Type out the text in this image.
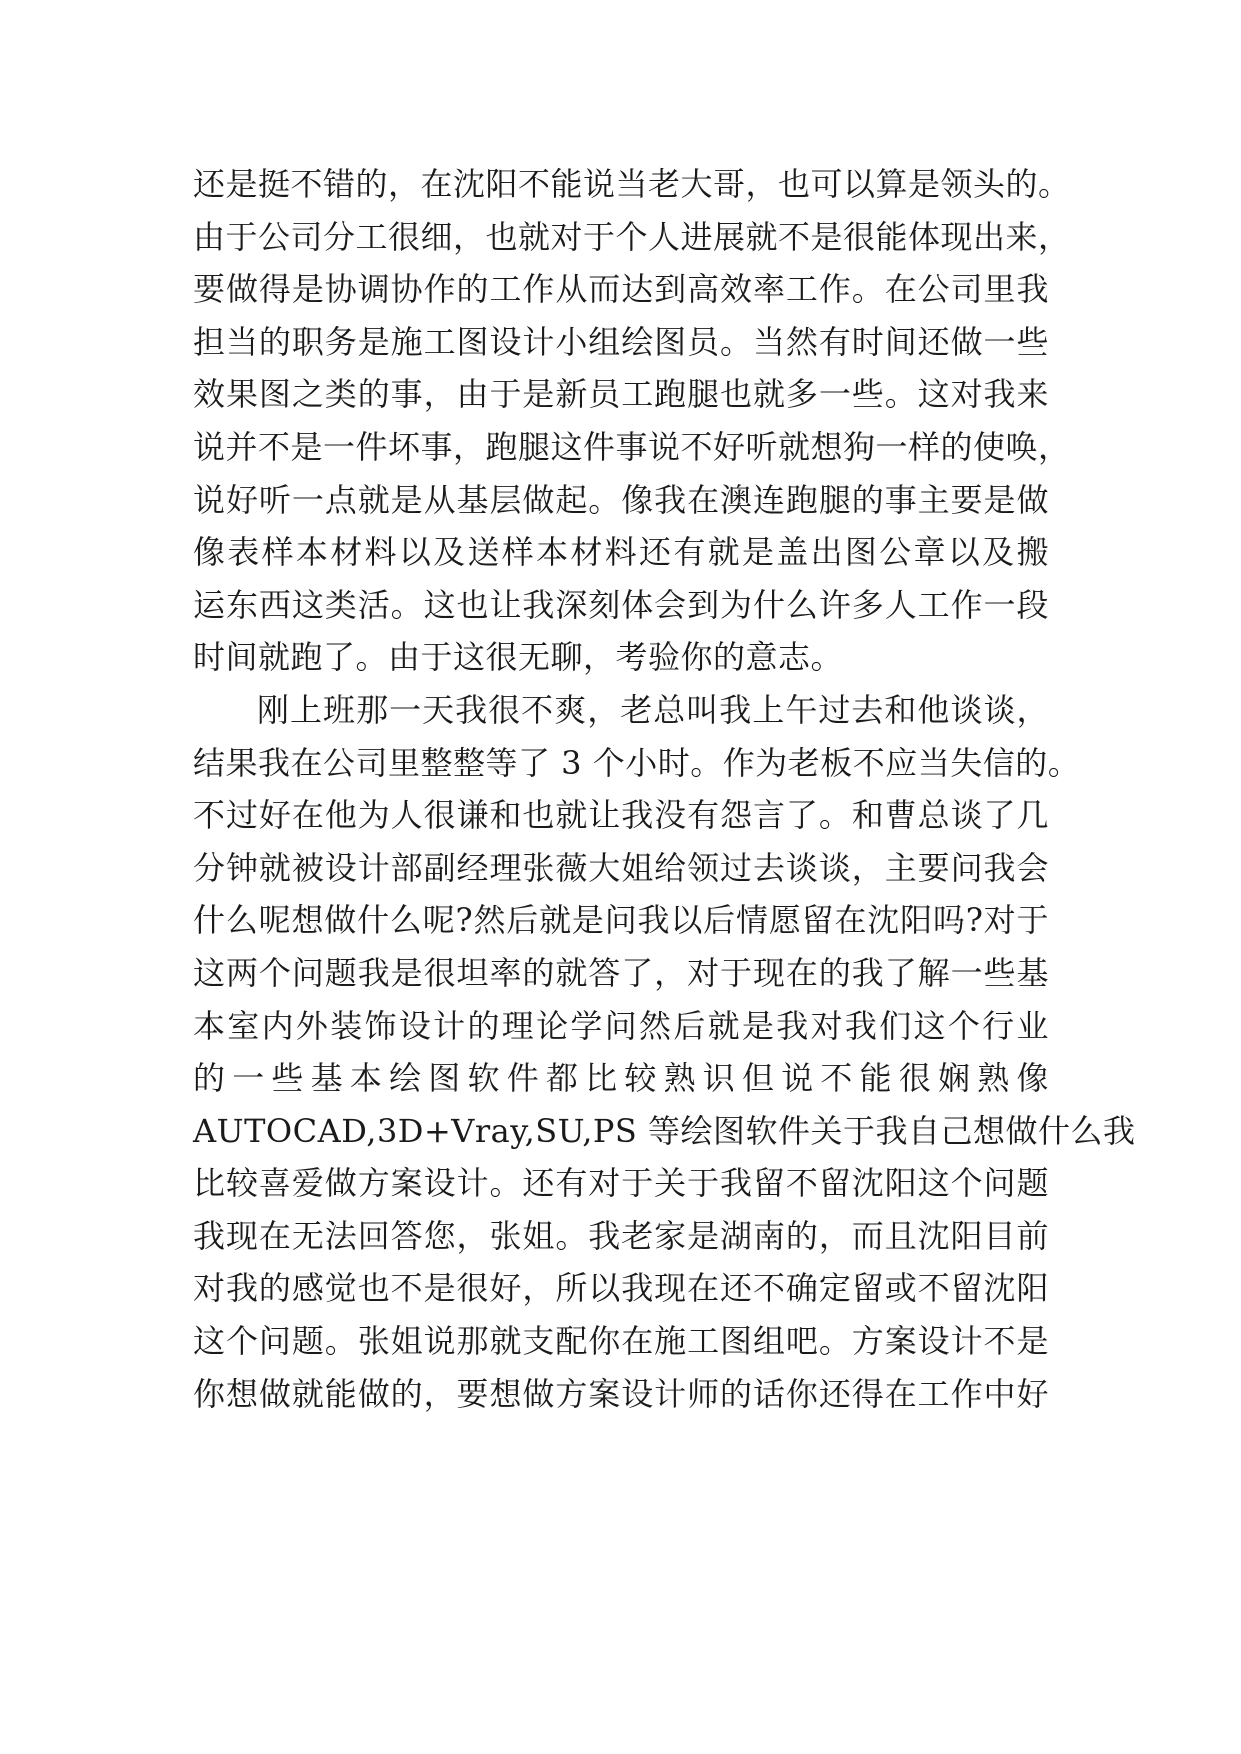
还是挺不错的，在沈阳不能说当老大哥，也可以算是领头的。
由于公司分工很细，也就对于个人进展就不是很能体现出来，
要做得是协调协作的工作从而达到高效率工作。在公司里我
担当的职务是施工图设计小组绘图员。当然有时间还做一些
效果图之类的事，由于是新员工跑腿也就多一些。这对我来
说并不是一件坏事，跑腿这件事说不好听就想狗一样的使唤，
说好听一点就是从基层做起。像我在澳连跑腿的事主要是做
像表样本材料以及送样本材料还有就是盖出图公章以及搬
运东西这类活。这也让我深刻体会到为什么许多人工作一段
时间就跑了。由于这很无聊，考验你的意志。
刚上班那一天我很不爽，老总叫我上午过去和他谈谈，
结果我在公司里整整等了 3 个小时。作为老板不应当失信的。
不过好在他为人很谦和也就让我没有怨言了。和曹总谈了几
分钟就被设计部副经理张薇大姐给领过去谈谈，主要问我会
什么呢想做什么呢?然后就是问我以后情愿留在沈阳吗?对于
这两个问题我是很坦率的就答了，对于现在的我了解一些基
本室内外装饰设计的理论学问然后就是我对我们这个行业
的一些基本绘图软件都比较熟识但说不能很娴熟像
AUTOCAD,3D+Vray,SU,PS 等绘图软件关于我自己想做什么我
比较喜爱做方案设计。还有对于关于我留不留沈阳这个问题
我现在无法回答您，张姐。我老家是湖南的，而且沈阳目前
对我的感觉也不是很好，所以我现在还不确定留或不留沈阳
这个问题。张姐说那就支配你在施工图组吧。方案设计不是
你想做就能做的，要想做方案设计师的话你还得在工作中好
